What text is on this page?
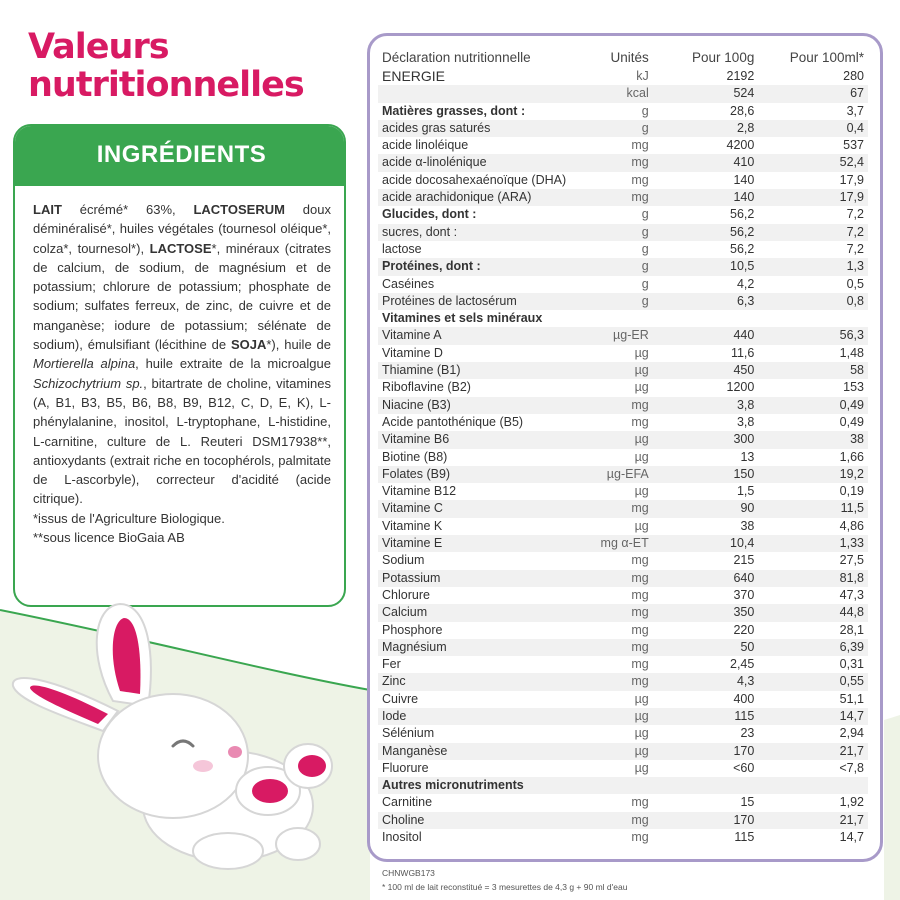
Valeurs
nutritionnelles
INGRÉDIENTS
LAIT écrémé* 63%, LACTOSERUM doux déminéralisé*, huiles végétales (tournesol oléique*, colza*, tournesol*), LACTOSE*, minéraux (citrates de calcium, de sodium, de magnésium et de potassium; chlorure de potassium; phosphate de sodium; sulfates ferreux, de zinc, de cuivre et de manganèse; iodure de potassium; sélénate de sodium), émulsifiant (lécithine de SOJA*), huile de Mortierella alpina, huile extraite de la microalgue Schizochytrium sp., bitartrate de choline, vitamines (A, B1, B3, B5, B6, B8, B9, B12, C, D, E, K), L-phénylalanine, inositol, L-tryptophane, L-histidine, L-carnitine, culture de L. Reuteri DSM17938**, antioxydants (extrait riche en tocophérols, palmitate de L-ascorbyle), correcteur d'acidité (acide citrique).
*issus de l'Agriculture Biologique.
**sous licence BioGaia AB
Déclaration nutritionnelle	Unités	Pour 100g	Pour 100ml*
ENERGIE	kJ	2192	280
	kcal	524	67
Matières grasses, dont :	g	28,6	3,7
acides gras saturés	g	2,8	0,4
acide linoléique	mg	4200	537
acide α-linolénique	mg	410	52,4
acide docosahexaénoïque (DHA)	mg	140	17,9
acide arachidonique (ARA)	mg	140	17,9
Glucides, dont :	g	56,2	7,2
sucres, dont :	g	56,2	7,2
lactose	g	56,2	7,2
Protéines, dont :	g	10,5	1,3
Caséines	g	4,2	0,5
Protéines de lactosérum	g	6,3	0,8
Vitamines et sels minéraux			
Vitamine A	µg-ER	440	56,3
Vitamine D	µg	11,6	1,48
Thiamine (B1)	µg	450	58
Riboflavine (B2)	µg	1200	153
Niacine (B3)	mg	3,8	0,49
Acide pantothénique (B5)	mg	3,8	0,49
Vitamine B6	µg	300	38
Biotine (B8)	µg	13	1,66
Folates (B9)	µg-EFA	150	19,2
Vitamine B12	µg	1,5	0,19
Vitamine C	mg	90	11,5
Vitamine K	µg	38	4,86
Vitamine E	mg α-ET	10,4	1,33
Sodium	mg	215	27,5
Potassium	mg	640	81,8
Chlorure	mg	370	47,3
Calcium	mg	350	44,8
Phosphore	mg	220	28,1
Magnésium	mg	50	6,39
Fer	mg	2,45	0,31
Zinc	mg	4,3	0,55
Cuivre	µg	400	51,1
Iode	µg	115	14,7
Sélénium	µg	23	2,94
Manganèse	µg	170	21,7
Fluorure	µg	<60	<7,8
Autres micronutriments			
Carnitine	mg	15	1,92
Choline	mg	170	21,7
Inositol	mg	115	14,7
CHNWGB173
* 100 ml de lait reconstitué = 3 mesurettes de 4,3 g + 90 ml d'eau
